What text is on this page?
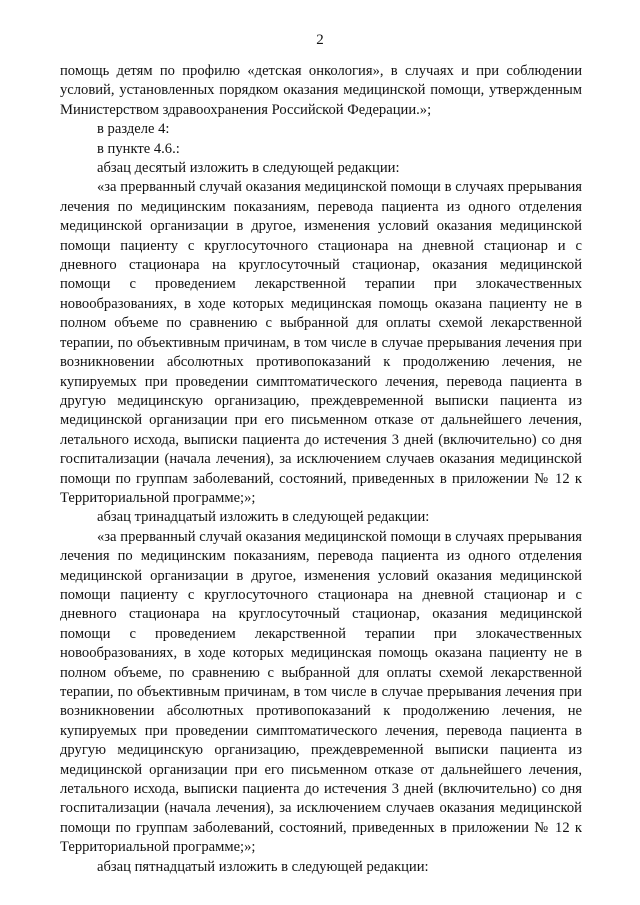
2

помощь детям по профилю «детская онкология», в случаях и при соблюдении условий, установленных порядком оказания медицинской помощи, утвержденным Министерством здравоохранения Российской Федерации.»;

в разделе 4:

в пункте 4.6.:

абзац десятый изложить в следующей редакции:

«за прерванный случай оказания медицинской помощи в случаях прерывания лечения по медицинским показаниям, перевода пациента из одного отделения медицинской организации в другое, изменения условий оказания медицинской помощи пациенту с круглосуточного стационара на дневной стационар и с дневного стационара на круглосуточный стационар, оказания медицинской помощи с проведением лекарственной терапии при злокачественных новообразованиях, в ходе которых медицинская помощь оказана пациенту не в полном объеме по сравнению с выбранной для оплаты схемой лекарственной терапии, по объективным причинам, в том числе в случае прерывания лечения при возникновении абсолютных противопоказаний к продолжению лечения, не купируемых при проведении симптоматического лечения, перевода пациента в другую медицинскую организацию, преждевременной выписки пациента из медицинской организации при его письменном отказе от дальнейшего лечения, летального исхода, выписки пациента до истечения 3 дней (включительно) со дня госпитализации (начала лечения), за исключением случаев оказания медицинской помощи по группам заболеваний, состояний, приведенных в приложении № 12 к Территориальной программе;»;

абзац тринадцатый изложить в следующей редакции:

«за прерванный случай оказания медицинской помощи в случаях прерывания лечения по медицинским показаниям, перевода пациента из одного отделения медицинской организации в другое, изменения условий оказания медицинской помощи пациенту с круглосуточного стационара на дневной стационар и с дневного стационара на круглосуточный стационар, оказания медицинской помощи с проведением лекарственной терапии при злокачественных новообразованиях, в ходе которых медицинская помощь оказана пациенту не в полном объеме, по сравнению с выбранной для оплаты схемой лекарственной терапии, по объективным причинам, в том числе в случае прерывания лечения при возникновении абсолютных противопоказаний к продолжению лечения, не купируемых при проведении симптоматического лечения, перевода пациента в другую медицинскую организацию, преждевременной выписки пациента из медицинской организации при его письменном отказе от дальнейшего лечения, летального исхода, выписки пациента до истечения 3 дней (включительно) со дня госпитализации (начала лечения), за исключением случаев оказания медицинской помощи по группам заболеваний, состояний, приведенных в приложении № 12 к Территориальной программе;»;

абзац пятнадцатый изложить в следующей редакции:
